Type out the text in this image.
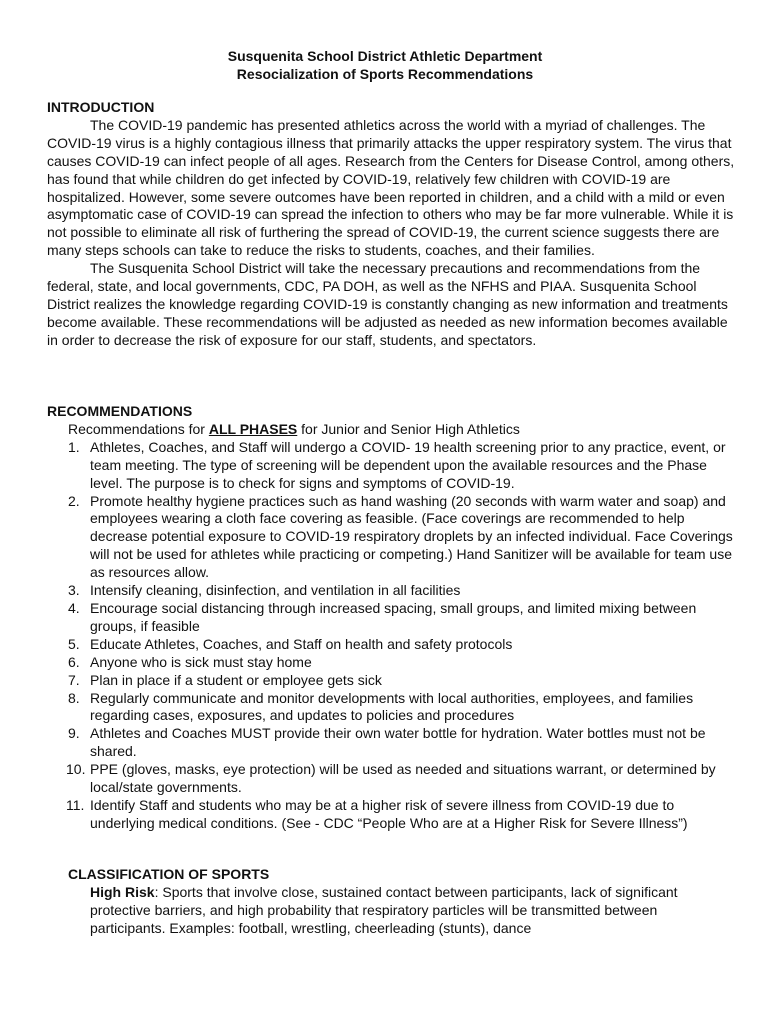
Susquenita School District Athletic Department
Resocialization of Sports Recommendations
INTRODUCTION

The COVID-19 pandemic has presented athletics across the world with a myriad of challenges. The COVID-19 virus is a highly contagious illness that primarily attacks the upper respiratory system. The virus that causes COVID-19 can infect people of all ages. Research from the Centers for Disease Control, among others, has found that while children do get infected by COVID-19, relatively few children with COVID-19 are hospitalized. However, some severe outcomes have been reported in children, and a child with a mild or even asymptomatic case of COVID-19 can spread the infection to others who may be far more vulnerable. While it is not possible to eliminate all risk of furthering the spread of COVID-19, the current science suggests there are many steps schools can take to reduce the risks to students, coaches, and their families.

The Susquenita School District will take the necessary precautions and recommendations from the federal, state, and local governments, CDC, PA DOH, as well as the NFHS and PIAA. Susquenita School District realizes the knowledge regarding COVID-19 is constantly changing as new information and treatments become available. These recommendations will be adjusted as needed as new information becomes available in order to decrease the risk of exposure for our staff, students, and spectators.

RECOMMENDATIONS
Recommendations for ALL PHASES for Junior and Senior High Athletics
1. Athletes, Coaches, and Staff will undergo a COVID- 19 health screening prior to any practice, event, or team meeting. The type of screening will be dependent upon the available resources and the Phase level. The purpose is to check for signs and symptoms of COVID-19.
2. Promote healthy hygiene practices such as hand washing (20 seconds with warm water and soap) and employees wearing a cloth face covering as feasible. (Face coverings are recommended to help decrease potential exposure to COVID-19 respiratory droplets by an infected individual. Face Coverings will not be used for athletes while practicing or competing.) Hand Sanitizer will be available for team use as resources allow.
3. Intensify cleaning, disinfection, and ventilation in all facilities
4. Encourage social distancing through increased spacing, small groups, and limited mixing between groups, if feasible
5. Educate Athletes, Coaches, and Staff on health and safety protocols
6. Anyone who is sick must stay home
7. Plan in place if a student or employee gets sick
8. Regularly communicate and monitor developments with local authorities, employees, and families regarding cases, exposures, and updates to policies and procedures
9. Athletes and Coaches MUST provide their own water bottle for hydration. Water bottles must not be shared.
10. PPE (gloves, masks, eye protection) will be used as needed and situations warrant, or determined by local/state governments.
11. Identify Staff and students who may be at a higher risk of severe illness from COVID-19 due to underlying medical conditions. (See - CDC “People Who are at a Higher Risk for Severe Illness”)
CLASSIFICATION OF SPORTS
High Risk: Sports that involve close, sustained contact between participants, lack of significant protective barriers, and high probability that respiratory particles will be transmitted between participants. Examples: football, wrestling, cheerleading (stunts), dance
